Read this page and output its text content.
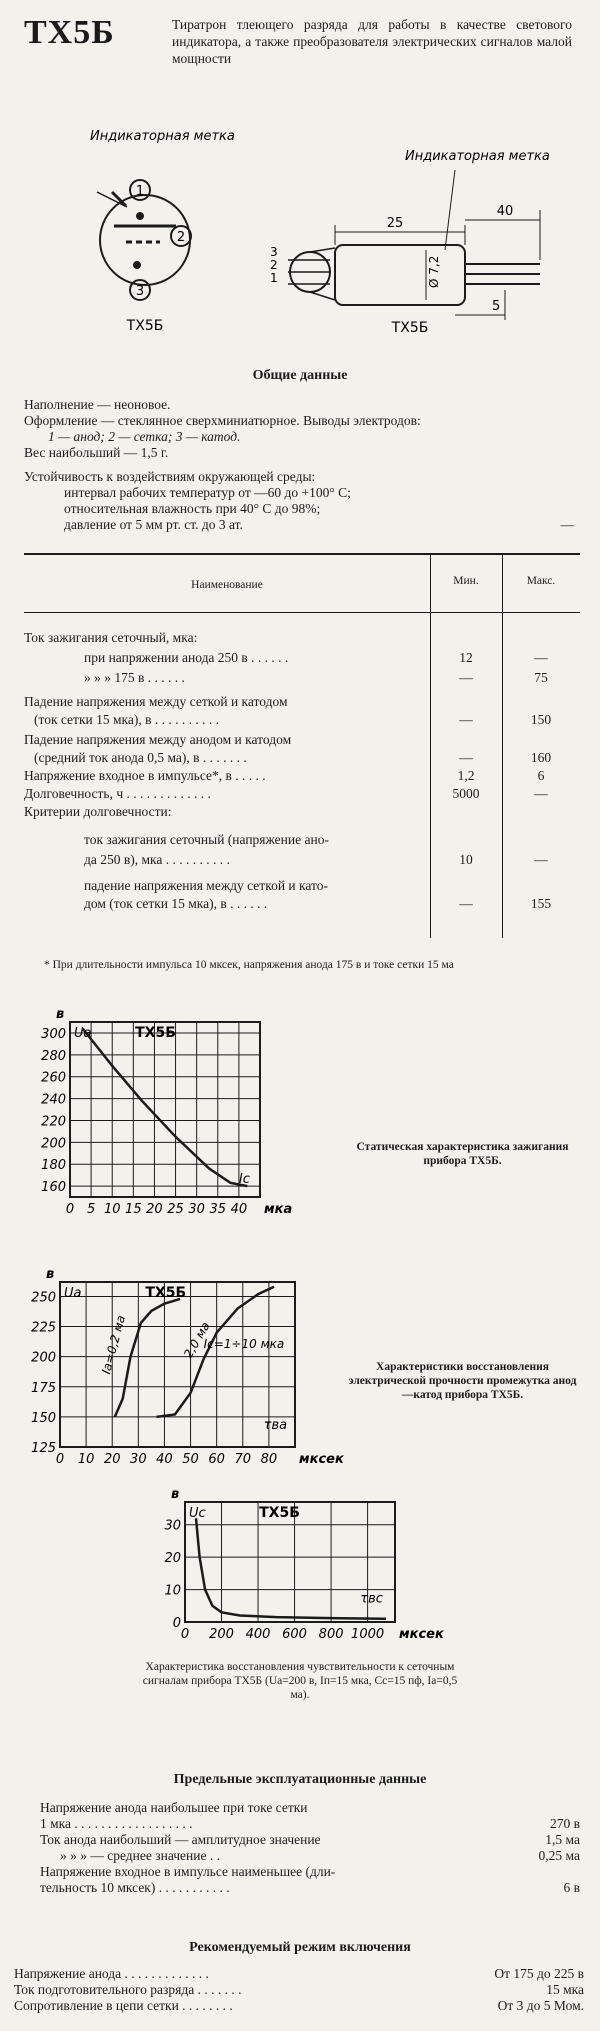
ТХ5Б	Тиратрон тлеющего разряда для работы в качестве светового индикатора, а также преобразователя электрических сигналов малой мощности
Индикаторная метка
1
2
3
ТХ5Б
Индикаторная метка
25
40
Ø 7,2
5
3
2
1
ТХ5Б
Общие данные
Наполнение — неоновое.
Оформление — стеклянное сверхминиатюрное. Выводы электродов:
1 — анод; 2 — сетка; 3 — катод.
Вес наибольший — 1,5 г.
Устойчивость к воздействиям окружающей среды:
интервал рабочих температур от —60 до +100° С;
относительная влажность при 40° С до 98%;
давление от 5 мм рт. ст. до 3 ат.	—
Наименование	Мин.	Макс.
Ток зажигания сеточный, мка:
при напряжении анода 250 в . . . . . .	12	—
» » » 175 в . . . . . .	—	75
Падение напряжения между сеткой и катодом
(ток сетки 15 мка), в . . . . . . . . . .	—	150
Падение напряжения между анодом и катодом
(средний ток анода 0,5 ма), в . . . . . . .	—	160
Напряжение входное в импульсе*, в . . . . .	1,2	6
Долговечность, ч . . . . . . . . . . . . .	5000	—
Критерии долговечности:
ток зажигания сеточный (напряжение ано-
да 250 в), мка . . . . . . . . . .	10	—
падение напряжения между сеткой и като-
дом (ток сетки 15 мка), в . . . . . .	—	155
* При длительности импульса 10 мксек, напряжения анода 175 в и токе сетки 15 ма
0 5 10 15 20 25 30 35 40
160
180
200
220
240
260
280
300
в
Ua	ТХ5Б
мка
Ic
Статическая характеристика зажигания прибора ТХ5Б.
0 10 20 30 40 50 60 70 80
125
150
175
200
225
250
в
Ua	ТХ5Б
мксек
Ia=0,2 ма	2,0 ма
Ic=1÷10 мка
τва
Характеристики восстановления электрической прочности промежутка анод—катод прибора ТХ5Б.
0 200 400 600 800 1000
0
10
20
30
в
Uc	ТХ5Б
мксек
τвс
Характеристика восстановления чувствительности к сеточным сигналам прибора ТХ5Б (Ua=200 в, Iп=15 мка, Cc=15 пф, Ia=0,5 ма).
Предельные эксплуатационные данные
Напряжение анода наибольшее при токе сетки
1 мка . . . . . . . . . . . . . . . . . .	270 в
Ток анода наибольший — амплитудное значение	1,5 ма
» » » — среднее значение . .	0,25 ма
Напряжение входное в импульсе наименьшее (дли-
тельность 10 мксек) . . . . . . . . . . .	6 в
Рекомендуемый режим включения
Напряжение анода . . . . . . . . . . . . .	От 175 до 225 в
Ток подготовительного разряда . . . . . . .	15 мка
Сопротивление в цепи сетки . . . . . . . .	От 3 до 5 Мом.
